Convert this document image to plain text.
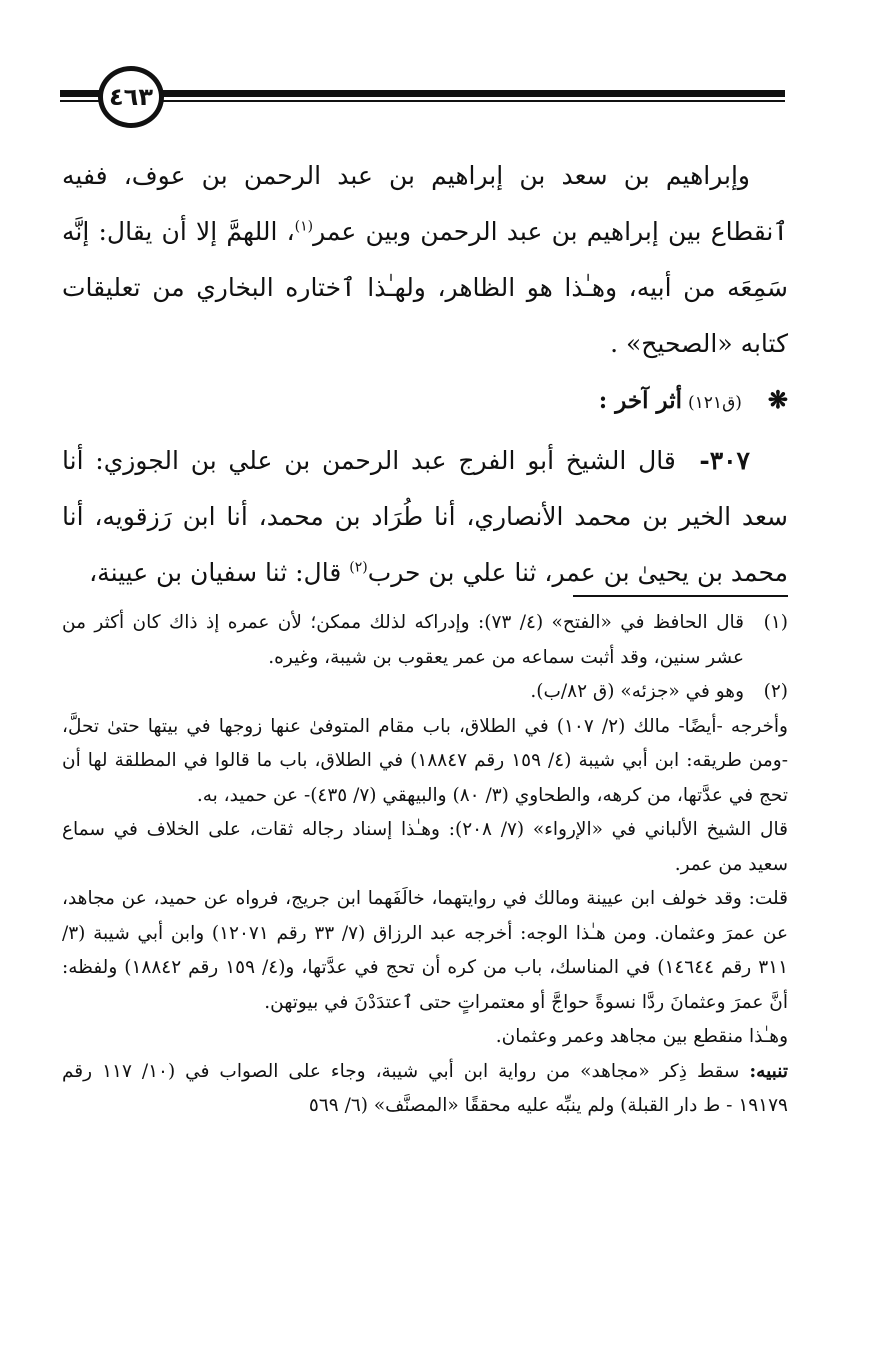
٤٦٣

وإبراهيم بن سعد بن إبراهيم بن عبد الرحمن بن عوف، ففيه ٱنقطاع بين إبراهيم بن عبد الرحمن وبين عمر$^{(١)}$، اللهمَّ إلا أن يقال: إنَّه سَمِعَه من أبيه، وهـٰذا هو الظاهر، ولهـٰذا ٱختاره البخاري من تعليقات كتابه «الصحيح» .

❋(ق١٢١)أثر آخر :

٣٠٧-  قال الشيخ أبو الفرج عبد الرحمن بن علي بن الجوزي: أنا سعد الخير بن محمد الأنصاري، أنا طُرَاد بن محمد، أنا ابن رَزقويه، أنا محمد بن يحيىٰ بن عمر، ثنا علي بن حرب$^{(٢)}$ قال: ثنا سفيان بن عيينة،

(١)
قال الحافظ في «الفتح» (٤/ ٧٣): وإدراكه لذلك ممكن؛ لأن عمره إذ ذاك كان أكثر من عشر سنين، وقد أثبت سماعه من عمر يعقوب بن شيبة، وغيره.
(٢)
وهو في «جزئه» (ق ٨٢/ب).

وأخرجه -أيضًا- مالك (٢/ ١٠٧) في الطلاق، باب مقام المتوفىٰ عنها زوجها في بيتها حتىٰ تحلَّ، -ومن طريقه: ابن أبي شيبة (٤/ ١٥٩ رقم ١٨٨٤٧) في الطلاق، باب ما قالوا في المطلقة لها أن تحج في عدَّتها، من كرهه، والطحاوي (٣/ ٨٠) والبيهقي (٧/ ٤٣٥)- عن حميد، به.

قال الشيخ الألباني في «الإرواء» (٧/ ٢٠٨): وهـٰذا إسناد رجاله ثقات، على الخلاف في سماع سعيد من عمر.

قلت: وقد خولف ابن عيينة ومالك في روايتهما، خالَفَهما ابن جريج، فرواه عن حميد، عن مجاهد، عن عمرَ وعثمان. ومن هـٰذا الوجه: أخرجه عبد الرزاق (٧/ ٣٣ رقم ١٢٠٧١) وابن أبي شيبة (٣/ ٣١١ رقم ١٤٦٤٤) في المناسك، باب من كره أن تحج في عدَّتها، و(٤/ ١٥٩ رقم ١٨٨٤٢) ولفظه: أنَّ عمرَ وعثمانَ ردَّا نسوةً حواجَّ أو معتمراتٍ حتى ٱعتدَدْنَ في بيوتهن.

وهـٰذا منقطع بين مجاهد وعمر وعثمان.

تنبيه: سقط ذِكر «مجاهد» من رواية ابن أبي شيبة، وجاء على الصواب في (١٠/ ١١٧ رقم ١٩١٧٩ - ط دار القبلة) ولم ينبِّه عليه محققًا «المصنَّف» (٦/ ٥٦٩
